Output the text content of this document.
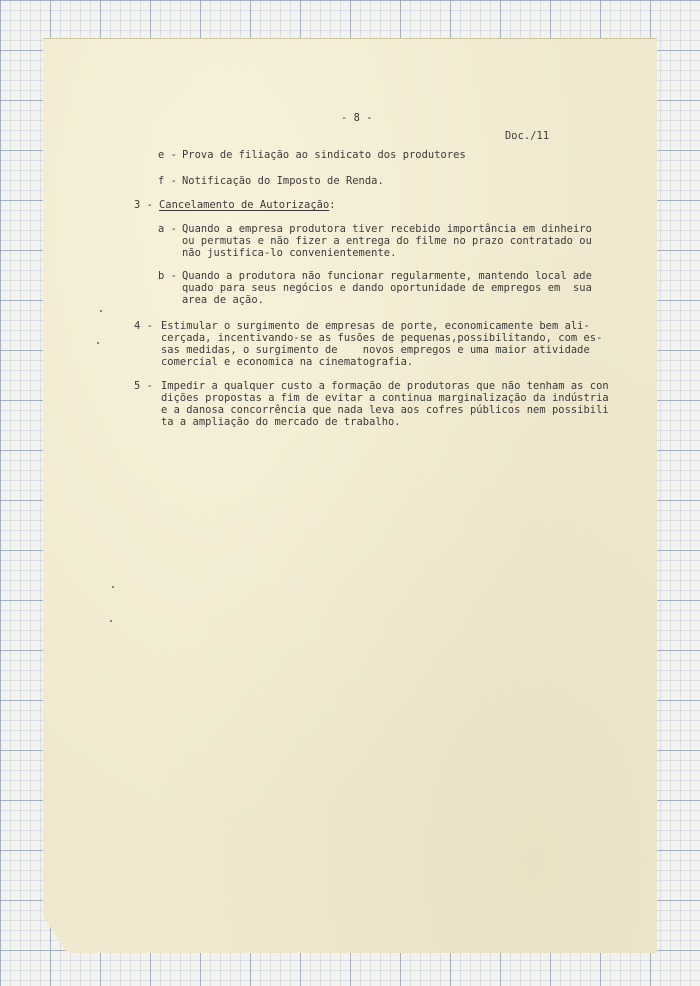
- 8 -
Doc./11
e - Prova de filiação ao sindicato dos produtores
f - Notificação do Imposto de Renda.
3 - Cancelamento de Autorização:
a - Quando a empresa produtora tiver recebido importância em dinheiro
ou permutas e não fizer a entrega do filme no prazo contratado ou
não justifica-lo convenientemente.
b - Quando a produtora não funcionar regularmente, mantendo local ade
quado para seus negócios e dando oportunidade de empregos em  sua
area de ação.
4 - Estimular o surgimento de empresas de porte, economicamente bem ali-
cerçada, incentivando-se as fusões de pequenas,possibilitando, com es-
sas medidas, o surgimento de    novos empregos e uma maior atividade
comercial e economica na cinematografia.
5 - Impedir a qualquer custo a formação de produtoras que não tenham as con
dições propostas a fim de evitar a continua marginalização da indústria
e a danosa concorrência que nada leva aos cofres públicos nem possibili
ta a ampliação do mercado de trabalho.
